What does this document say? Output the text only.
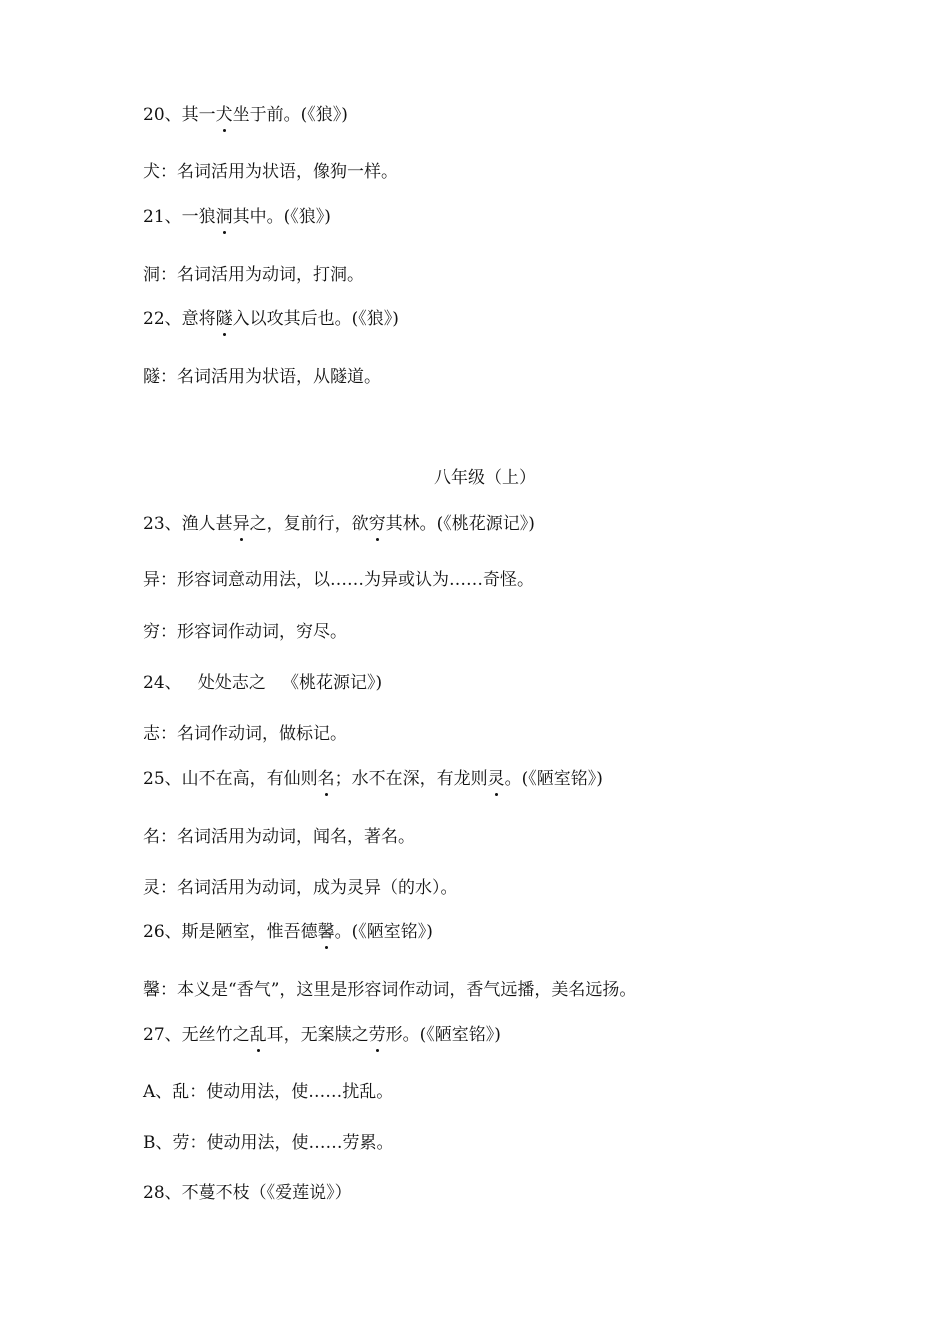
20、其一犬坐于前。(《狼》)

犬：名词活用为状语，像狗一样。

21、一狼洞其中。(《狼》)

洞：名词活用为动词，打洞。

22、意将隧入以攻其后也。(《狼》)

隧：名词活用为状语，从隧道。

八年级（上）

23、渔人甚异之，复前行，欲穷其林。(《桃花源记》)

异：形容词意动用法，以……为异或认为……奇怪。

穷：形容词作动词，穷尽。

24、   处处志之   《桃花源记》)

志：名词作动词，做标记。

25、山不在高，有仙则名；水不在深，有龙则灵。(《陋室铭》)

名：名词活用为动词，闻名，著名。

灵：名词活用为动词，成为灵异（的水）。

26、斯是陋室，惟吾德馨。(《陋室铭》)

馨：本义是“香气”，这里是形容词作动词，香气远播，美名远扬。

27、无丝竹之乱耳，无案牍之劳形。(《陋室铭》)

A、乱：使动用法，使……扰乱。

B、劳：使动用法，使……劳累。

28、不蔓不枝（《爱莲说》）
